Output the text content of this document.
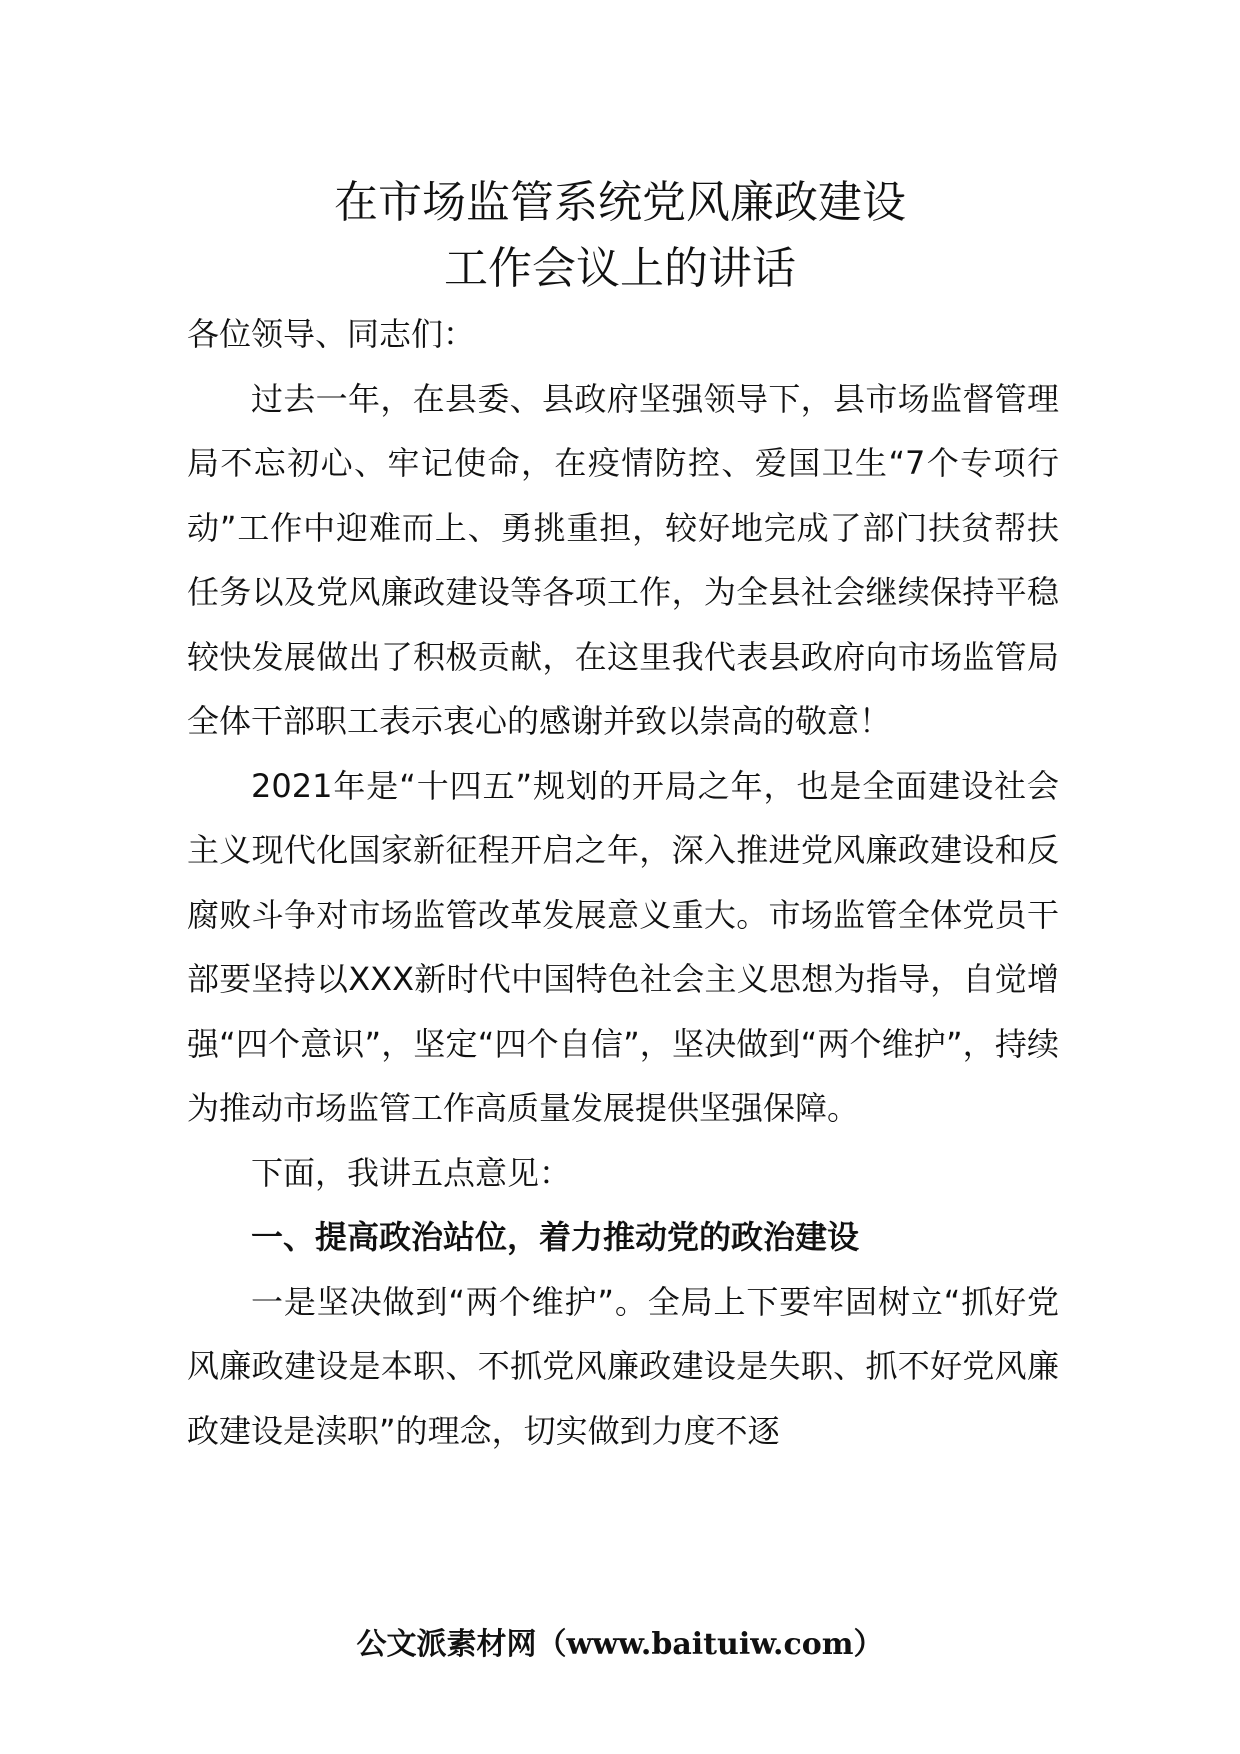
在市场监管系统党风廉政建设
工作会议上的讲话

各位领导、同志们：

过去一年，在县委、县政府坚强领导下，县市场监督管理局不忘初心、牢记使命，在疫情防控、爱国卫生“7个专项行动”工作中迎难而上、勇挑重担，较好地完成了部门扶贫帮扶任务以及党风廉政建设等各项工作，为全县社会继续保持平稳较快发展做出了积极贡献，在这里我代表县政府向市场监管局全体干部职工表示衷心的感谢并致以崇高的敬意！

2021年是“十四五”规划的开局之年，也是全面建设社会主义现代化国家新征程开启之年，深入推进党风廉政建设和反腐败斗争对市场监管改革发展意义重大。市场监管全体党员干部要坚持以XXX新时代中国特色社会主义思想为指导，自觉增强“四个意识”，坚定“四个自信”，坚决做到“两个维护”，持续为推动市场监管工作高质量发展提供坚强保障。

下面，我讲五点意见：

一、提高政治站位，着力推动党的政治建设

一是坚决做到“两个维护”。全局上下要牢固树立“抓好党风廉政建设是本职、不抓党风廉政建设是失职、抓不好党风廉政建设是渎职”的理念，切实做到力度不逐

公文派素材网（www.baituiw.com）
